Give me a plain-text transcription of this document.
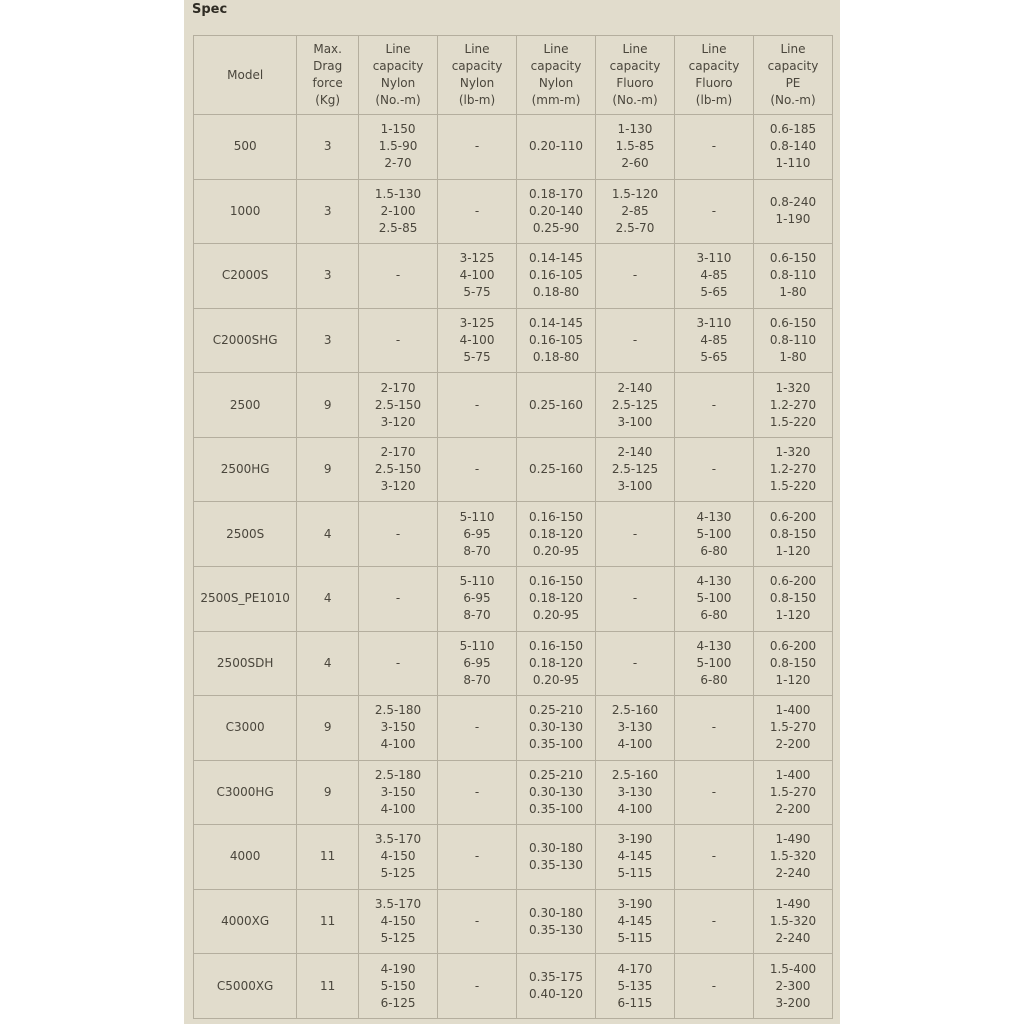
Spec
Model	Max.
Drag
force
(Kg)	Line
capacity
Nylon
(No.-m)	Line
capacity
Nylon
(lb-m)	Line
capacity
Nylon
(mm-m)	Line
capacity
Fluoro
(No.-m)	Line
capacity
Fluoro
(lb-m)	Line
capacity
PE
(No.-m)
500	3	1-150
1.5-90
2-70	-	0.20-110	1-130
1.5-85
2-60	-	0.6-185
0.8-140
1-110
1000	3	1.5-130
2-100
2.5-85	-	0.18-170
0.20-140
0.25-90	1.5-120
2-85
2.5-70	-	0.8-240
1-190
C2000S	3	-	3-125
4-100
5-75	0.14-145
0.16-105
0.18-80	-	3-110
4-85
5-65	0.6-150
0.8-110
1-80
C2000SHG	3	-	3-125
4-100
5-75	0.14-145
0.16-105
0.18-80	-	3-110
4-85
5-65	0.6-150
0.8-110
1-80
2500	9	2-170
2.5-150
3-120	-	0.25-160	2-140
2.5-125
3-100	-	1-320
1.2-270
1.5-220
2500HG	9	2-170
2.5-150
3-120	-	0.25-160	2-140
2.5-125
3-100	-	1-320
1.2-270
1.5-220
2500S	4	-	5-110
6-95
8-70	0.16-150
0.18-120
0.20-95	-	4-130
5-100
6-80	0.6-200
0.8-150
1-120
2500S_PE1010	4	-	5-110
6-95
8-70	0.16-150
0.18-120
0.20-95	-	4-130
5-100
6-80	0.6-200
0.8-150
1-120
2500SDH	4	-	5-110
6-95
8-70	0.16-150
0.18-120
0.20-95	-	4-130
5-100
6-80	0.6-200
0.8-150
1-120
C3000	9	2.5-180
3-150
4-100	-	0.25-210
0.30-130
0.35-100	2.5-160
3-130
4-100	-	1-400
1.5-270
2-200
C3000HG	9	2.5-180
3-150
4-100	-	0.25-210
0.30-130
0.35-100	2.5-160
3-130
4-100	-	1-400
1.5-270
2-200
4000	11	3.5-170
4-150
5-125	-	0.30-180
0.35-130	3-190
4-145
5-115	-	1-490
1.5-320
2-240
4000XG	11	3.5-170
4-150
5-125	-	0.30-180
0.35-130	3-190
4-145
5-115	-	1-490
1.5-320
2-240
C5000XG	11	4-190
5-150
6-125	-	0.35-175
0.40-120	4-170
5-135
6-115	-	1.5-400
2-300
3-200
